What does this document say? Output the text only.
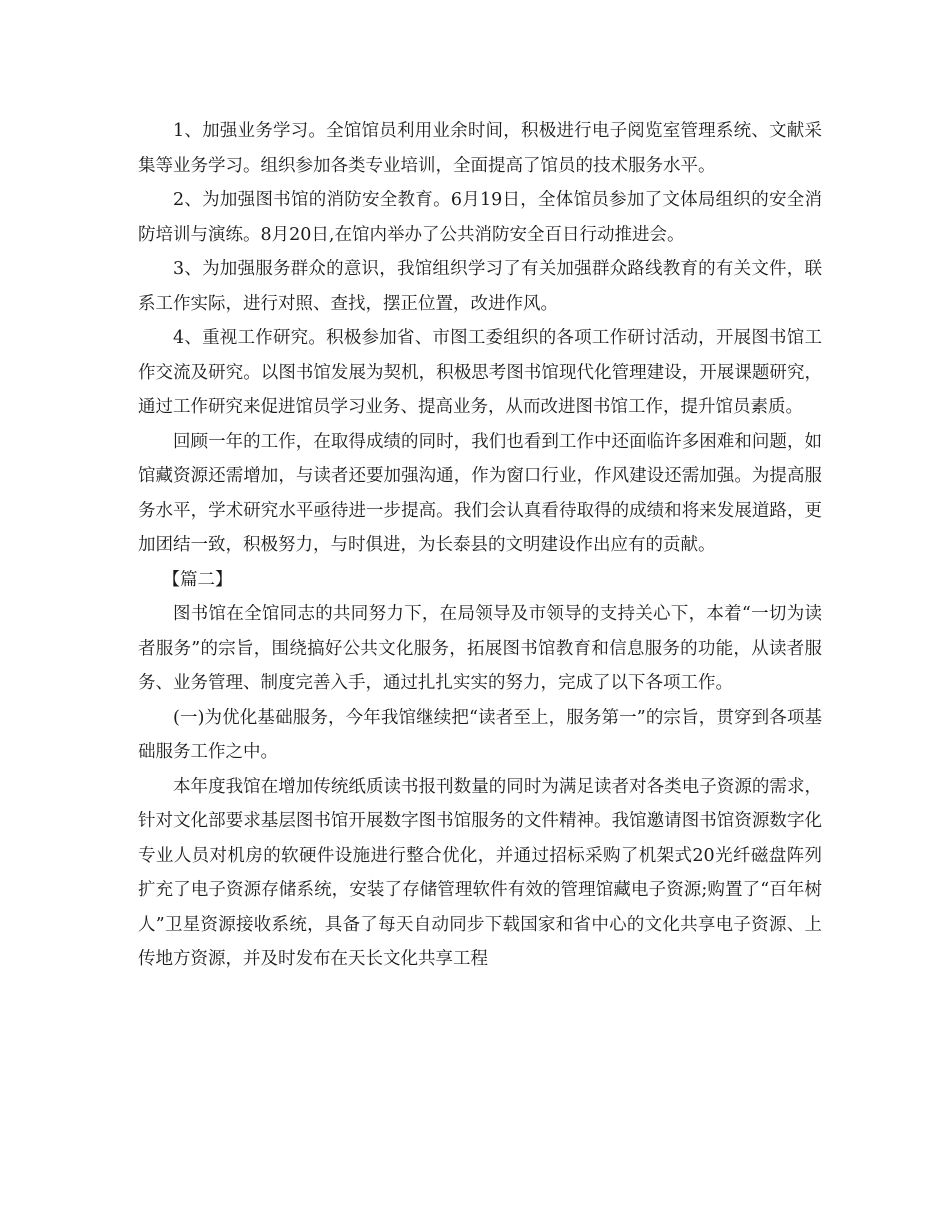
1、加强业务学习。全馆馆员利用业余时间，积极进行电子阅览室管理系统、文献采集等业务学习。组织参加各类专业培训，全面提高了馆员的技术服务水平。

2、为加强图书馆的消防安全教育。6月19日，全体馆员参加了文体局组织的安全消防培训与演练。8月20日,在馆内举办了公共消防安全百日行动推进会。

3、为加强服务群众的意识，我馆组织学习了有关加强群众路线教育的有关文件，联系工作实际，进行对照、查找，摆正位置，改进作风。

4、重视工作研究。积极参加省、市图工委组织的各项工作研讨活动，开展图书馆工作交流及研究。以图书馆发展为契机，积极思考图书馆现代化管理建设，开展课题研究，通过工作研究来促进馆员学习业务、提高业务，从而改进图书馆工作，提升馆员素质。

回顾一年的工作，在取得成绩的同时，我们也看到工作中还面临许多困难和问题，如馆藏资源还需增加，与读者还要加强沟通，作为窗口行业，作风建设还需加强。为提高服务水平，学术研究水平亟待进一步提高。我们会认真看待取得的成绩和将来发展道路，更加团结一致，积极努力，与时俱进，为长泰县的文明建设作出应有的贡献。

【篇二】

图书馆在全馆同志的共同努力下，在局领导及市领导的支持关心下，本着“一切为读者服务”的宗旨，围绕搞好公共文化服务，拓展图书馆教育和信息服务的功能，从读者服务、业务管理、制度完善入手，通过扎扎实实的努力，完成了以下各项工作。

(一)为优化基础服务，今年我馆继续把“读者至上，服务第一”的宗旨，贯穿到各项基础服务工作之中。

本年度我馆在增加传统纸质读书报刊数量的同时为满足读者对各类电子资源的需求，针对文化部要求基层图书馆开展数字图书馆服务的文件精神。我馆邀请图书馆资源数字化专业人员对机房的软硬件设施进行整合优化，并通过招标采购了机架式20光纤磁盘阵列扩充了电子资源存储系统，安装了存储管理软件有效的管理馆藏电子资源;购置了“百年树人”卫星资源接收系统，具备了每天自动同步下载国家和省中心的文化共享电子资源、上传地方资源，并及时发布在天长文化共享工程
